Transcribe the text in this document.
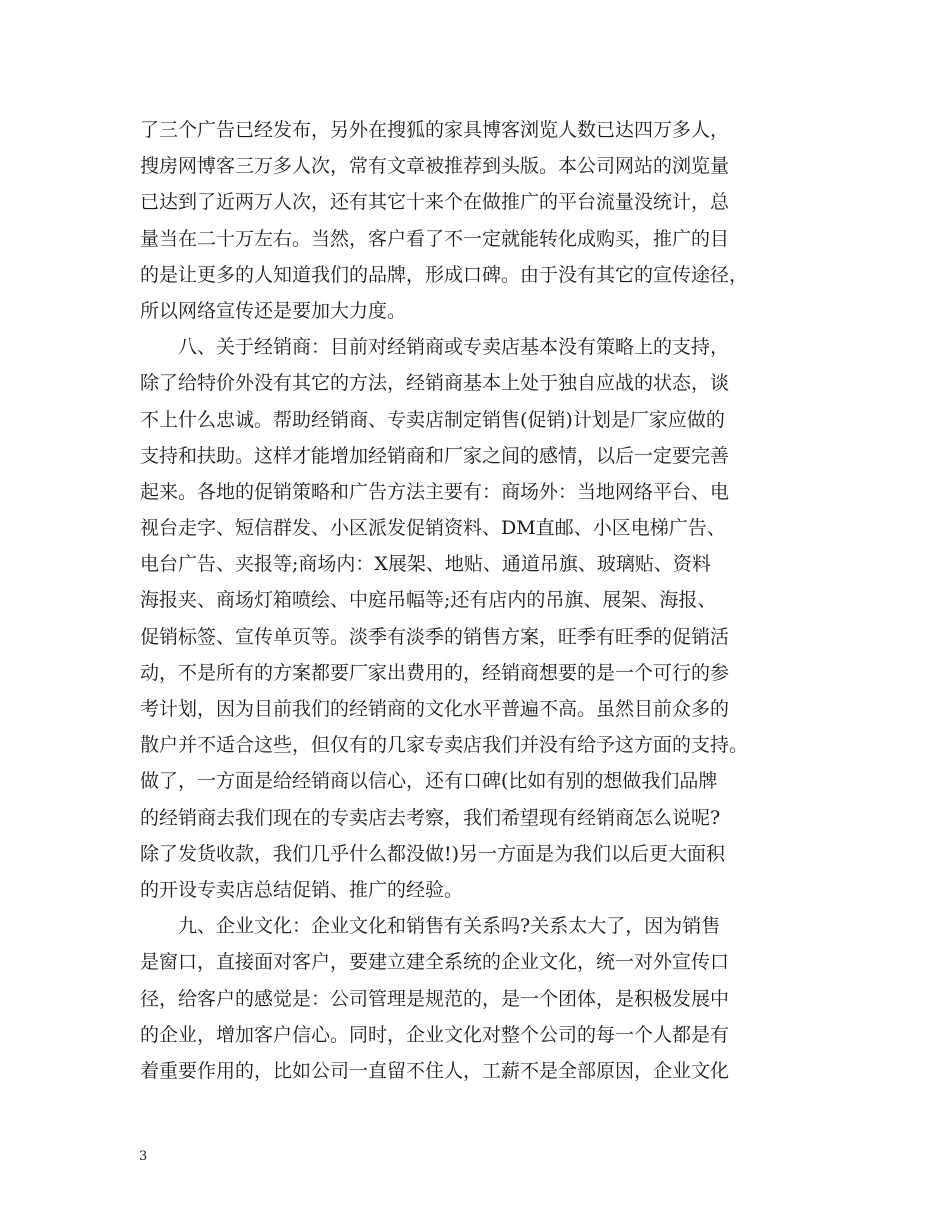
了三个广告已经发布，另外在搜狐的家具博客浏览人数已达四万多人，
搜房网博客三万多人次，常有文章被推荐到头版。本公司网站的浏览量
已达到了近两万人次，还有其它十来个在做推广的平台流量没统计，总
量当在二十万左右。当然，客户看了不一定就能转化成购买，推广的目
的是让更多的人知道我们的品牌，形成口碑。由于没有其它的宣传途径，
所以网络宣传还是要加大力度。
　　八、关于经销商：目前对经销商或专卖店基本没有策略上的支持，
除了给特价外没有其它的方法，经销商基本上处于独自应战的状态，谈
不上什么忠诚。帮助经销商、专卖店制定销售(促销)计划是厂家应做的
支持和扶助。这样才能增加经销商和厂家之间的感情，以后一定要完善
起来。各地的促销策略和广告方法主要有：商场外：当地网络平台、电
视台走字、短信群发、小区派发促销资料、DM直邮、小区电梯广告、
电台广告、夹报等;商场内：X展架、地贴、通道吊旗、玻璃贴、资料
海报夹、商场灯箱喷绘、中庭吊幅等;还有店内的吊旗、展架、海报、
促销标签、宣传单页等。淡季有淡季的销售方案，旺季有旺季的促销活
动，不是所有的方案都要厂家出费用的，经销商想要的是一个可行的参
考计划，因为目前我们的经销商的文化水平普遍不高。虽然目前众多的
散户并不适合这些，但仅有的几家专卖店我们并没有给予这方面的支持。
做了，一方面是给经销商以信心，还有口碑(比如有别的想做我们品牌
的经销商去我们现在的专卖店去考察，我们希望现有经销商怎么说呢?
除了发货收款，我们几乎什么都没做!)另一方面是为我们以后更大面积
的开设专卖店总结促销、推广的经验。
　　九、企业文化：企业文化和销售有关系吗?关系太大了，因为销售
是窗口，直接面对客户，要建立建全系统的企业文化，统一对外宣传口
径，给客户的感觉是：公司管理是规范的，是一个团体，是积极发展中
的企业，增加客户信心。同时，企业文化对整个公司的每一个人都是有
着重要作用的，比如公司一直留不住人，工薪不是全部原因，企业文化
3
